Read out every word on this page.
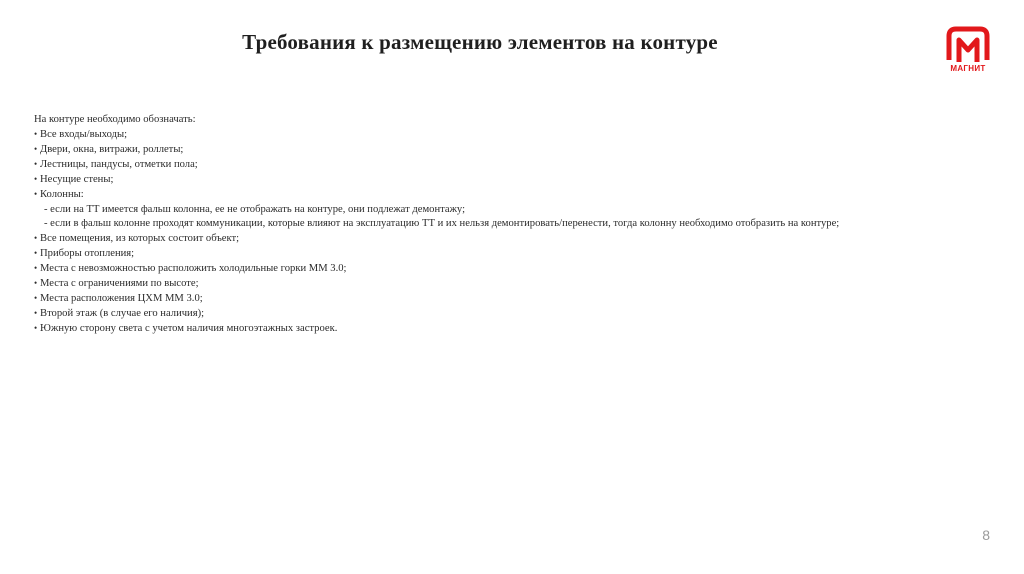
Требования к размещению элементов на контуре
МАГНИТ
На контуре необходимо обозначать:
• Все входы/выходы;
• Двери, окна, витражи, роллеты;
• Лестницы, пандусы, отметки пола;
• Несущие стены;
• Колонны:
- если на ТТ имеется фальш колонна, ее не отображать на контуре, они подлежат демонтажу;
- если в фальш колонне проходят коммуникации, которые влияют на эксплуатацию ТТ и их нельзя демонтировать/перенести, тогда колонну необходимо отобразить на контуре;
• Все помещения, из которых состоит объект;
• Приборы отопления;
• Места с невозможностью расположить холодильные горки ММ 3.0;
• Места с ограничениями по высоте;
• Места расположения ЦХМ ММ 3.0;
• Второй этаж (в случае его наличия);
• Южную сторону света с учетом наличия многоэтажных застроек.
8
